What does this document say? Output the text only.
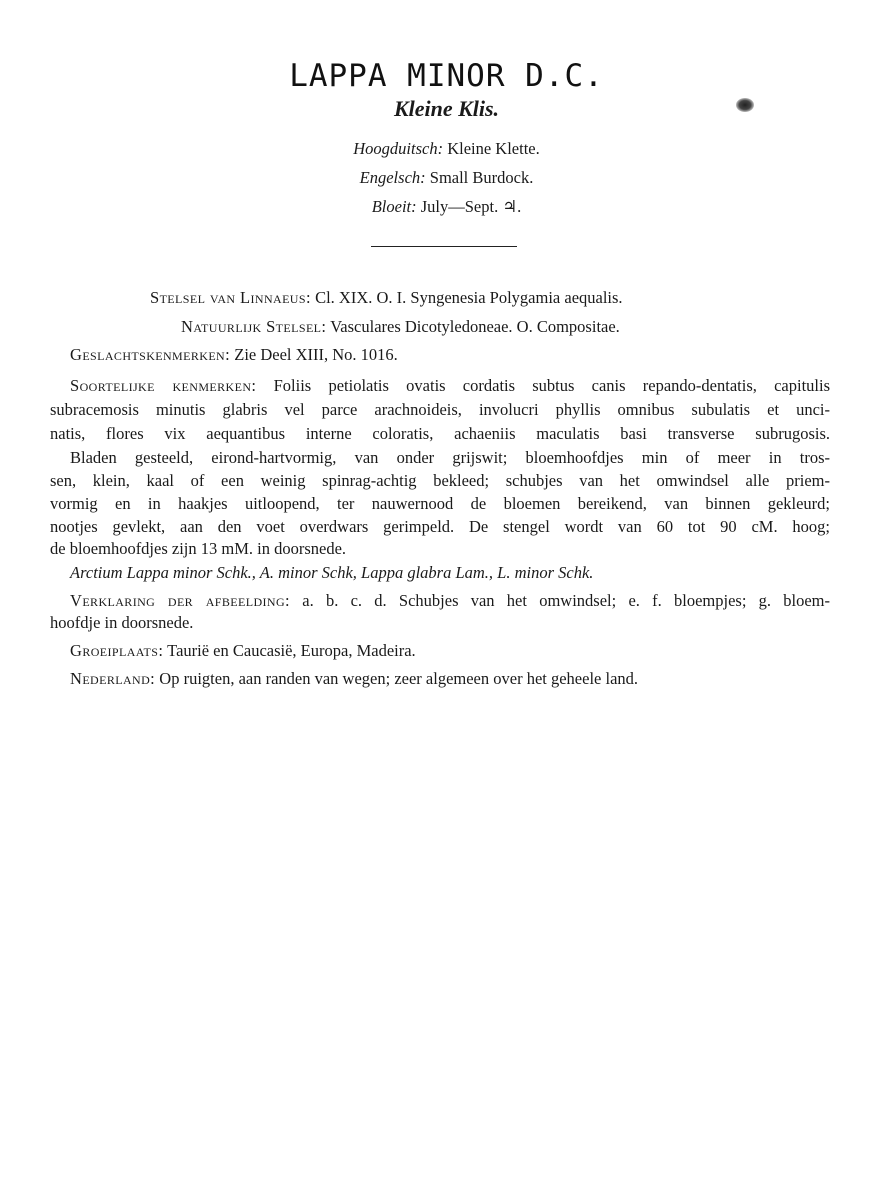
LAPPA MINOR D.C.
Kleine Klis.
Hoogduitsch: Kleine Klette.
Engelsch: Small Burdock.
Bloeit: July—Sept. ♃.
Stelsel van Linnaeus: Cl. XIX. O. I. Syngenesia Polygamia aequalis.
Natuurlijk Stelsel: Vasculares Dicotyledoneae. O. Compositae.
Geslachtskenmerken: Zie Deel XIII, No. 1016.
Soortelijke kenmerken: Foliis petiolatis ovatis cordatis subtus canis repando-dentatis, capitulis
subracemosis minutis glabris vel parce arachnoideis, involucri phyllis omnibus subulatis et unci-
natis, flores vix aequantibus interne coloratis, achaeniis maculatis basi transverse subrugosis.
Bladen gesteeld, eirond-hartvormig, van onder grijswit; bloemhoofdjes min of meer in tros-
sen, klein, kaal of een weinig spinrag-achtig bekleed; schubjes van het omwindsel alle priem-
vormig en in haakjes uitloopend, ter nauwernood de bloemen bereikend, van binnen gekleurd;
nootjes gevlekt, aan den voet overdwars gerimpeld. De stengel wordt van 60 tot 90 cM. hoog;
de bloemhoofdjes zijn 13 mM. in doorsnede.
Arctium Lappa minor Schk., A. minor Schk, Lappa glabra Lam., L. minor Schk.
Verklaring der afbeelding: a. b. c. d. Schubjes van het omwindsel; e. f. bloempjes; g. bloem-
hoofdje in doorsnede.
Groeiplaats: Taurië en Caucasië, Europa, Madeira.
Nederland: Op ruigten, aan randen van wegen; zeer algemeen over het geheele land.
